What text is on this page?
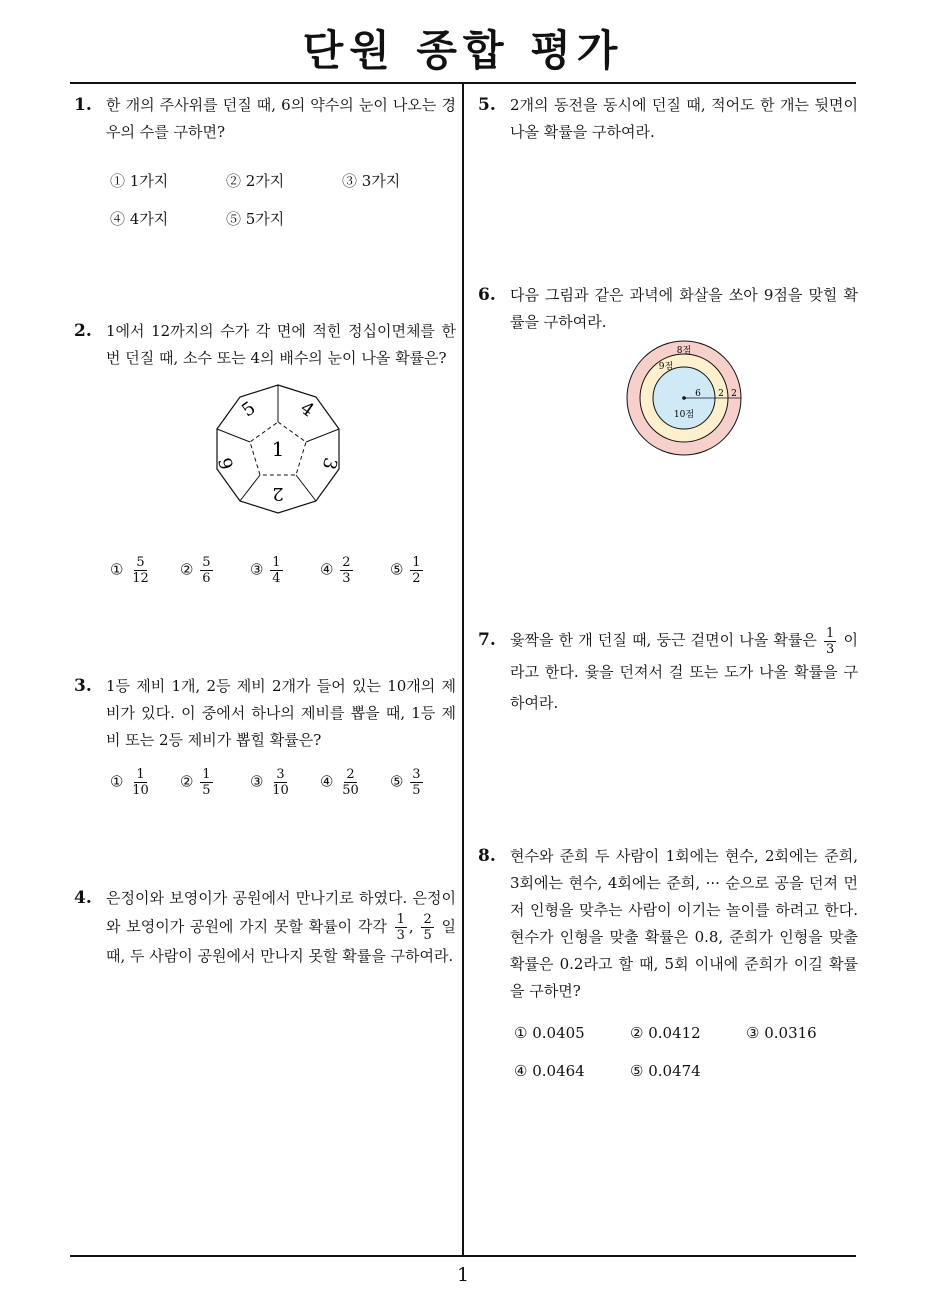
단원 종합 평가
1
1. 한 개의 주사위를 던질 때, 6의 약수의 눈이 나오는 경우의 수를 구하면?
① 1가지	② 2가지	③ 3가지
④ 4가지	⑤ 5가지
2. 1에서 12까지의 수가 각 면에 적힌 정십이면체를 한 번 던질 때, 소수 또는 4의 배수의 눈이 나올 확률은?
1
4
3
2
6
5
① $\frac{5}{12}$ ② $\frac{5}{6}$ ③ $\frac{1}{4}$ ④ $\frac{2}{3}$ ⑤ $\frac{1}{2}$
3. 1등 제비 1개, 2등 제비 2개가 들어 있는 10개의 제비가 있다. 이 중에서 하나의 제비를 뽑을 때, 1등 제비 또는 2등 제비가 뽑힐 확률은?
① $\frac{1}{10}$ ② $\frac{1}{5}$ ③ $\frac{3}{10}$ ④ $\frac{2}{50}$ ⑤ $\frac{3}{5}$
4. 은정이와 보영이가 공원에서 만나기로 하였다. 은정이와 보영이가 공원에 가지 못할 확률이 각각 $\frac{1}{3}$ , $\frac{2}{5}$ 일 때, 두 사람이 공원에서 만나지 못할 확률을 구하여라.
5. 2개의 동전을 동시에 던질 때, 적어도 한 개는 뒷면이 나올 확률을 구하여라.
6. 다음 그림과 같은 과녁에 화살을 쏘아 9점을 맞힐 확률을 구하여라.
8점
9점
10점
6 2 2
7. 윷짝을 한 개 던질 때, 둥근 겉면이 나올 확률은 $\frac{1}{3}$ 이라고 한다. 윷을 던져서 걸 또는 도가 나올 확률을 구하여라.
8. 현수와 준희 두 사람이 1회에는 현수, 2회에는 준희, 3회에는 현수, 4회에는 준희, ··· 순으로 공을 던져 먼저 인형을 맞추는 사람이 이기는 놀이를 하려고 한다. 현수가 인형을 맞출 확률은 0.8, 준희가 인형을 맞출 확률은 0.2라고 할 때, 5회 이내에 준희가 이길 확률을 구하면?
① 0.0405	② 0.0412	③ 0.0316
④ 0.0464	⑤ 0.0474
